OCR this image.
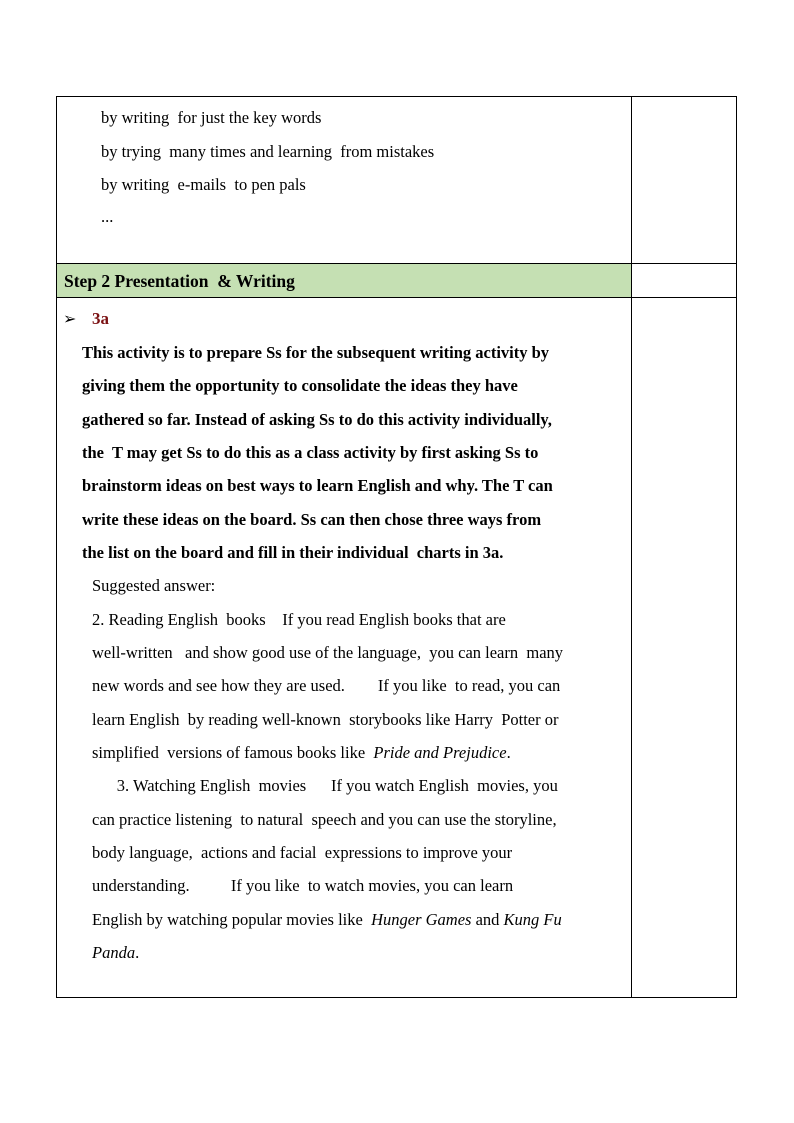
by writing  for just the key words
by trying  many times and learning  from mistakes
by writing  e-mails  to pen pals
...
Step 2 Presentation  & Writing
➢ 3a
This activity is to prepare Ss for the subsequent writing activity by
giving them the opportunity to consolidate the ideas they have
gathered so far. Instead of asking Ss to do this activity individually,
the  T may get Ss to do this as a class activity by first asking Ss to
brainstorm ideas on best ways to learn English and why. The T can
write these ideas on the board. Ss can then chose three ways from
the list on the board and fill in their individual  charts in 3a.
Suggested answer:
2. Reading English  books    If you read English books that are
well-written   and show good use of the language,  you can learn  many
new words and see how they are used.        If you like  to read, you can
learn English  by reading well-known  storybooks like Harry  Potter or
simplified  versions of famous books like  Pride and Prejudice.
3. Watching English  movies      If you watch English  movies, you
can practice listening  to natural  speech and you can use the storyline,
body language,  actions and facial  expressions to improve your
understanding.          If you like  to watch movies, you can learn
English by watching popular movies like  Hunger Games and Kung Fu
Panda.
